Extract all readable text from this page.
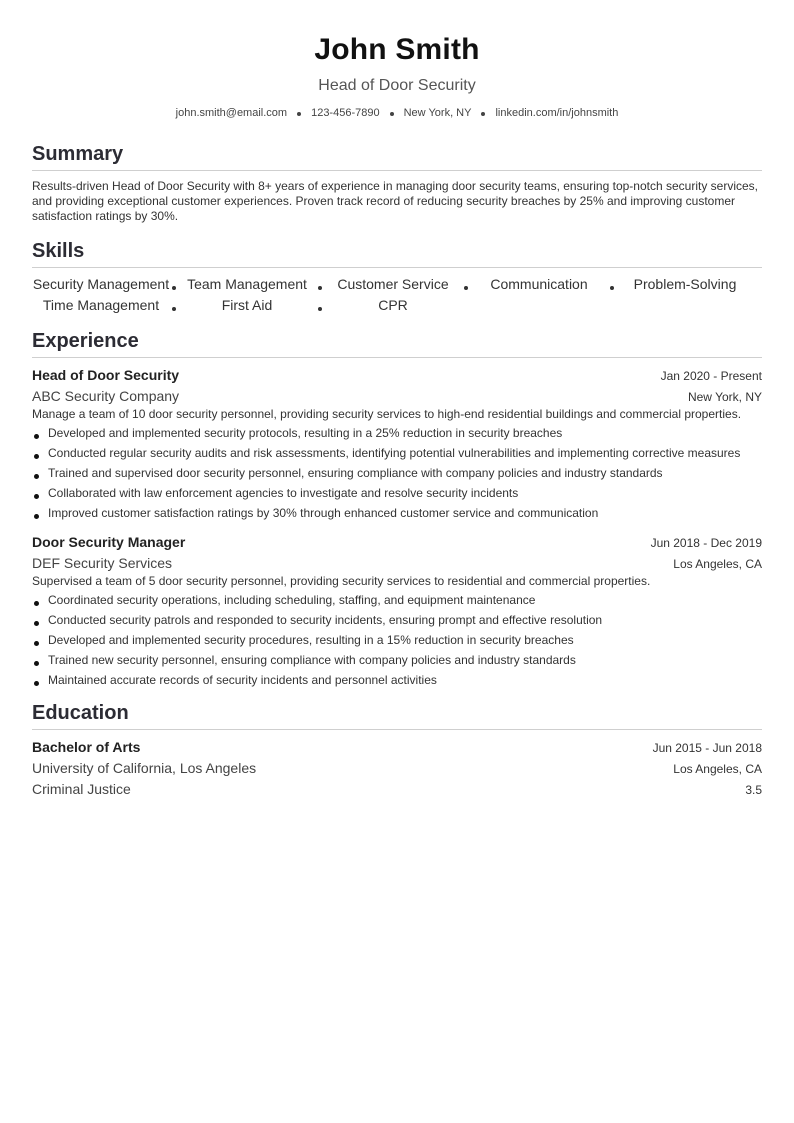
John Smith
Head of Door Security
john.smith@email.com 123-456-7890 New York, NY linkedin.com/in/johnsmith
Summary
Results-driven Head of Door Security with 8+ years of experience in managing door security teams, ensuring top-notch security services, and providing exceptional customer experiences. Proven track record of reducing security breaches by 25% and improving customer satisfaction ratings by 30%.
Skills
Security Management	Team Management	Customer Service	Communication	Problem-Solving
Time Management	First Aid	CPR
Experience
Head of Door Security	Jan 2020 - Present
ABC Security Company	New York, NY
Manage a team of 10 door security personnel, providing security services to high-end residential buildings and commercial properties.
Developed and implemented security protocols, resulting in a 25% reduction in security breaches
Conducted regular security audits and risk assessments, identifying potential vulnerabilities and implementing corrective measures
Trained and supervised door security personnel, ensuring compliance with company policies and industry standards
Collaborated with law enforcement agencies to investigate and resolve security incidents
Improved customer satisfaction ratings by 30% through enhanced customer service and communication
Door Security Manager	Jun 2018 - Dec 2019
DEF Security Services	Los Angeles, CA
Supervised a team of 5 door security personnel, providing security services to residential and commercial properties.
Coordinated security operations, including scheduling, staffing, and equipment maintenance
Conducted security patrols and responded to security incidents, ensuring prompt and effective resolution
Developed and implemented security procedures, resulting in a 15% reduction in security breaches
Trained new security personnel, ensuring compliance with company policies and industry standards
Maintained accurate records of security incidents and personnel activities
Education
Bachelor of Arts	Jun 2015 - Jun 2018
University of California, Los Angeles	Los Angeles, CA
Criminal Justice	3.5
